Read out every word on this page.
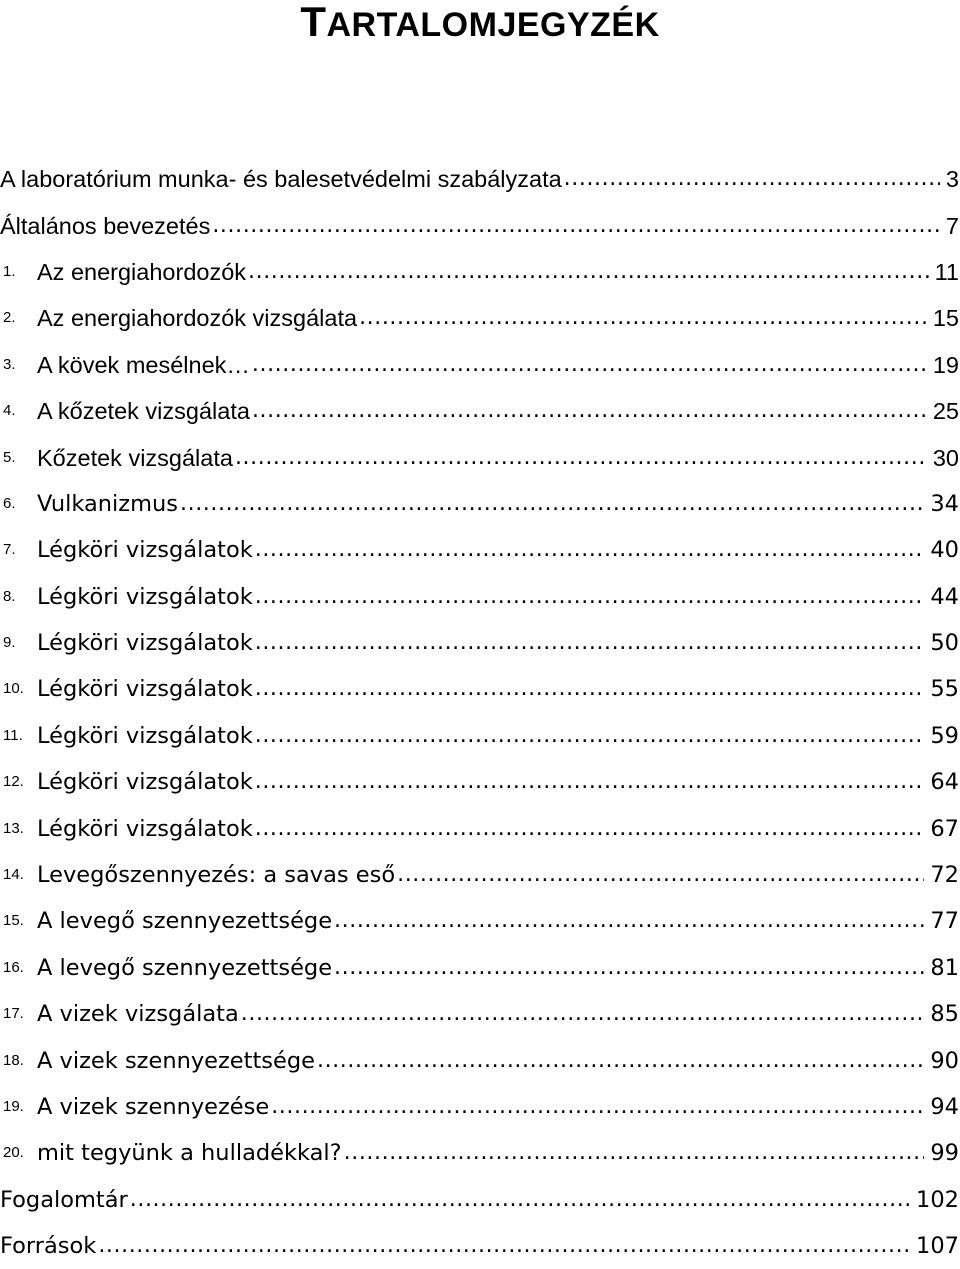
TARTALOMJEGYZÉK
A laboratórium munka- és balesetvédelmi szabályzata .....	3
Általános bevezetés .....	7
1. Az energiahordozók .....	11
2. Az energiahordozók vizsgálata .....	15
3. A kövek mesélnek… .....	19
4. A kőzetek vizsgálata .....	25
5. Kőzetek vizsgálata .....	30
6. Vulkanizmus .....	34
7. Légköri vizsgálatok .....	40
8. Légköri vizsgálatok .....	44
9. Légköri vizsgálatok .....	50
10. Légköri vizsgálatok .....	55
11. Légköri vizsgálatok .....	59
12. Légköri vizsgálatok .....	64
13. Légköri vizsgálatok .....	67
14. Levegőszennyezés: a savas eső .....	72
15. A levegő szennyezettsége .....	77
16. A levegő szennyezettsége .....	81
17. A vizek vizsgálata .....	85
18. A vizek szennyezettsége .....	90
19. A vizek szennyezése .....	94
20. mit tegyünk a hulladékkal? .....	99
Fogalomtár .....	102
Források .....	107
